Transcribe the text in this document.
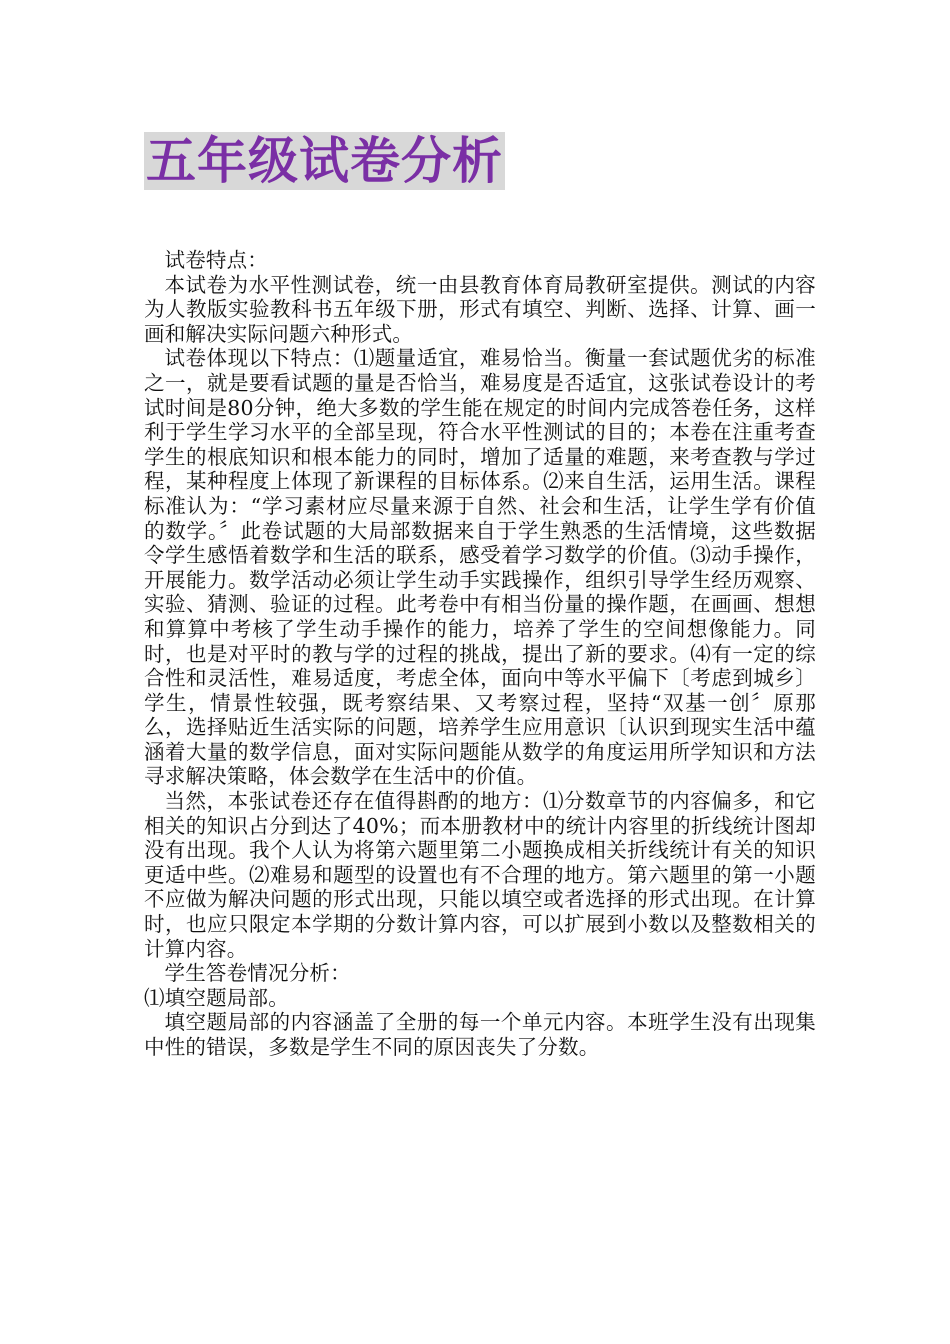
五年级试卷分析

试卷特点：

本试卷为水平性测试卷，统一由县教育体育局教研室提供。测试的内容为人教版实验教科书五年级下册，形式有填空、判断、选择、计算、画一画和解决实际问题六种形式。

试卷体现以下特点：⑴题量适宜，难易恰当。衡量一套试题优劣的标准之一，就是要看试题的量是否恰当，难易度是否适宜，这张试卷设计的考试时间是80分钟，绝大多数的学生能在规定的时间内完成答卷任务，这样利于学生学习水平的全部呈现，符合水平性测试的目的；本卷在注重考查学生的根底知识和根本能力的同时，增加了适量的难题，来考查教与学过程，某种程度上体现了新课程的目标体系。⑵来自生活，运用生活。课程标准认为：“学习素材应尽量来源于自然、社会和生活，让学生学有价值的数学。〞此卷试题的大局部数据来自于学生熟悉的生活情境，这些数据令学生感悟着数学和生活的联系，感受着学习数学的价值。⑶动手操作，开展能力。数学活动必须让学生动手实践操作，组织引导学生经历观察、实验、猜测、验证的过程。此考卷中有相当份量的操作题，在画画、想想和算算中考核了学生动手操作的能力，培养了学生的空间想像能力。同时，也是对平时的教与学的过程的挑战，提出了新的要求。⑷有一定的综合性和灵活性，难易适度，考虑全体，面向中等水平偏下〔考虑到城乡〕学生，情景性较强，既考察结果、又考察过程，坚持“双基一创〞原那么，选择贴近生活实际的问题，培养学生应用意识〔认识到现实生活中蕴涵着大量的数学信息，面对实际问题能从数学的角度运用所学知识和方法寻求解决策略，体会数学在生活中的价值。

当然，本张试卷还存在值得斟酌的地方：⑴分数章节的内容偏多，和它相关的知识占分到达了40%；而本册教材中的统计内容里的折线统计图却没有出现。我个人认为将第六题里第二小题换成相关折线统计有关的知识更适中些。⑵难易和题型的设置也有不合理的地方。第六题里的第一小题不应做为解决问题的形式出现，只能以填空或者选择的形式出现。在计算时，也应只限定本学期的分数计算内容，可以扩展到小数以及整数相关的计算内容。

学生答卷情况分析：

⑴填空题局部。

填空题局部的内容涵盖了全册的每一个单元内容。本班学生没有出现集中性的错误，多数是学生不同的原因丧失了分数。
